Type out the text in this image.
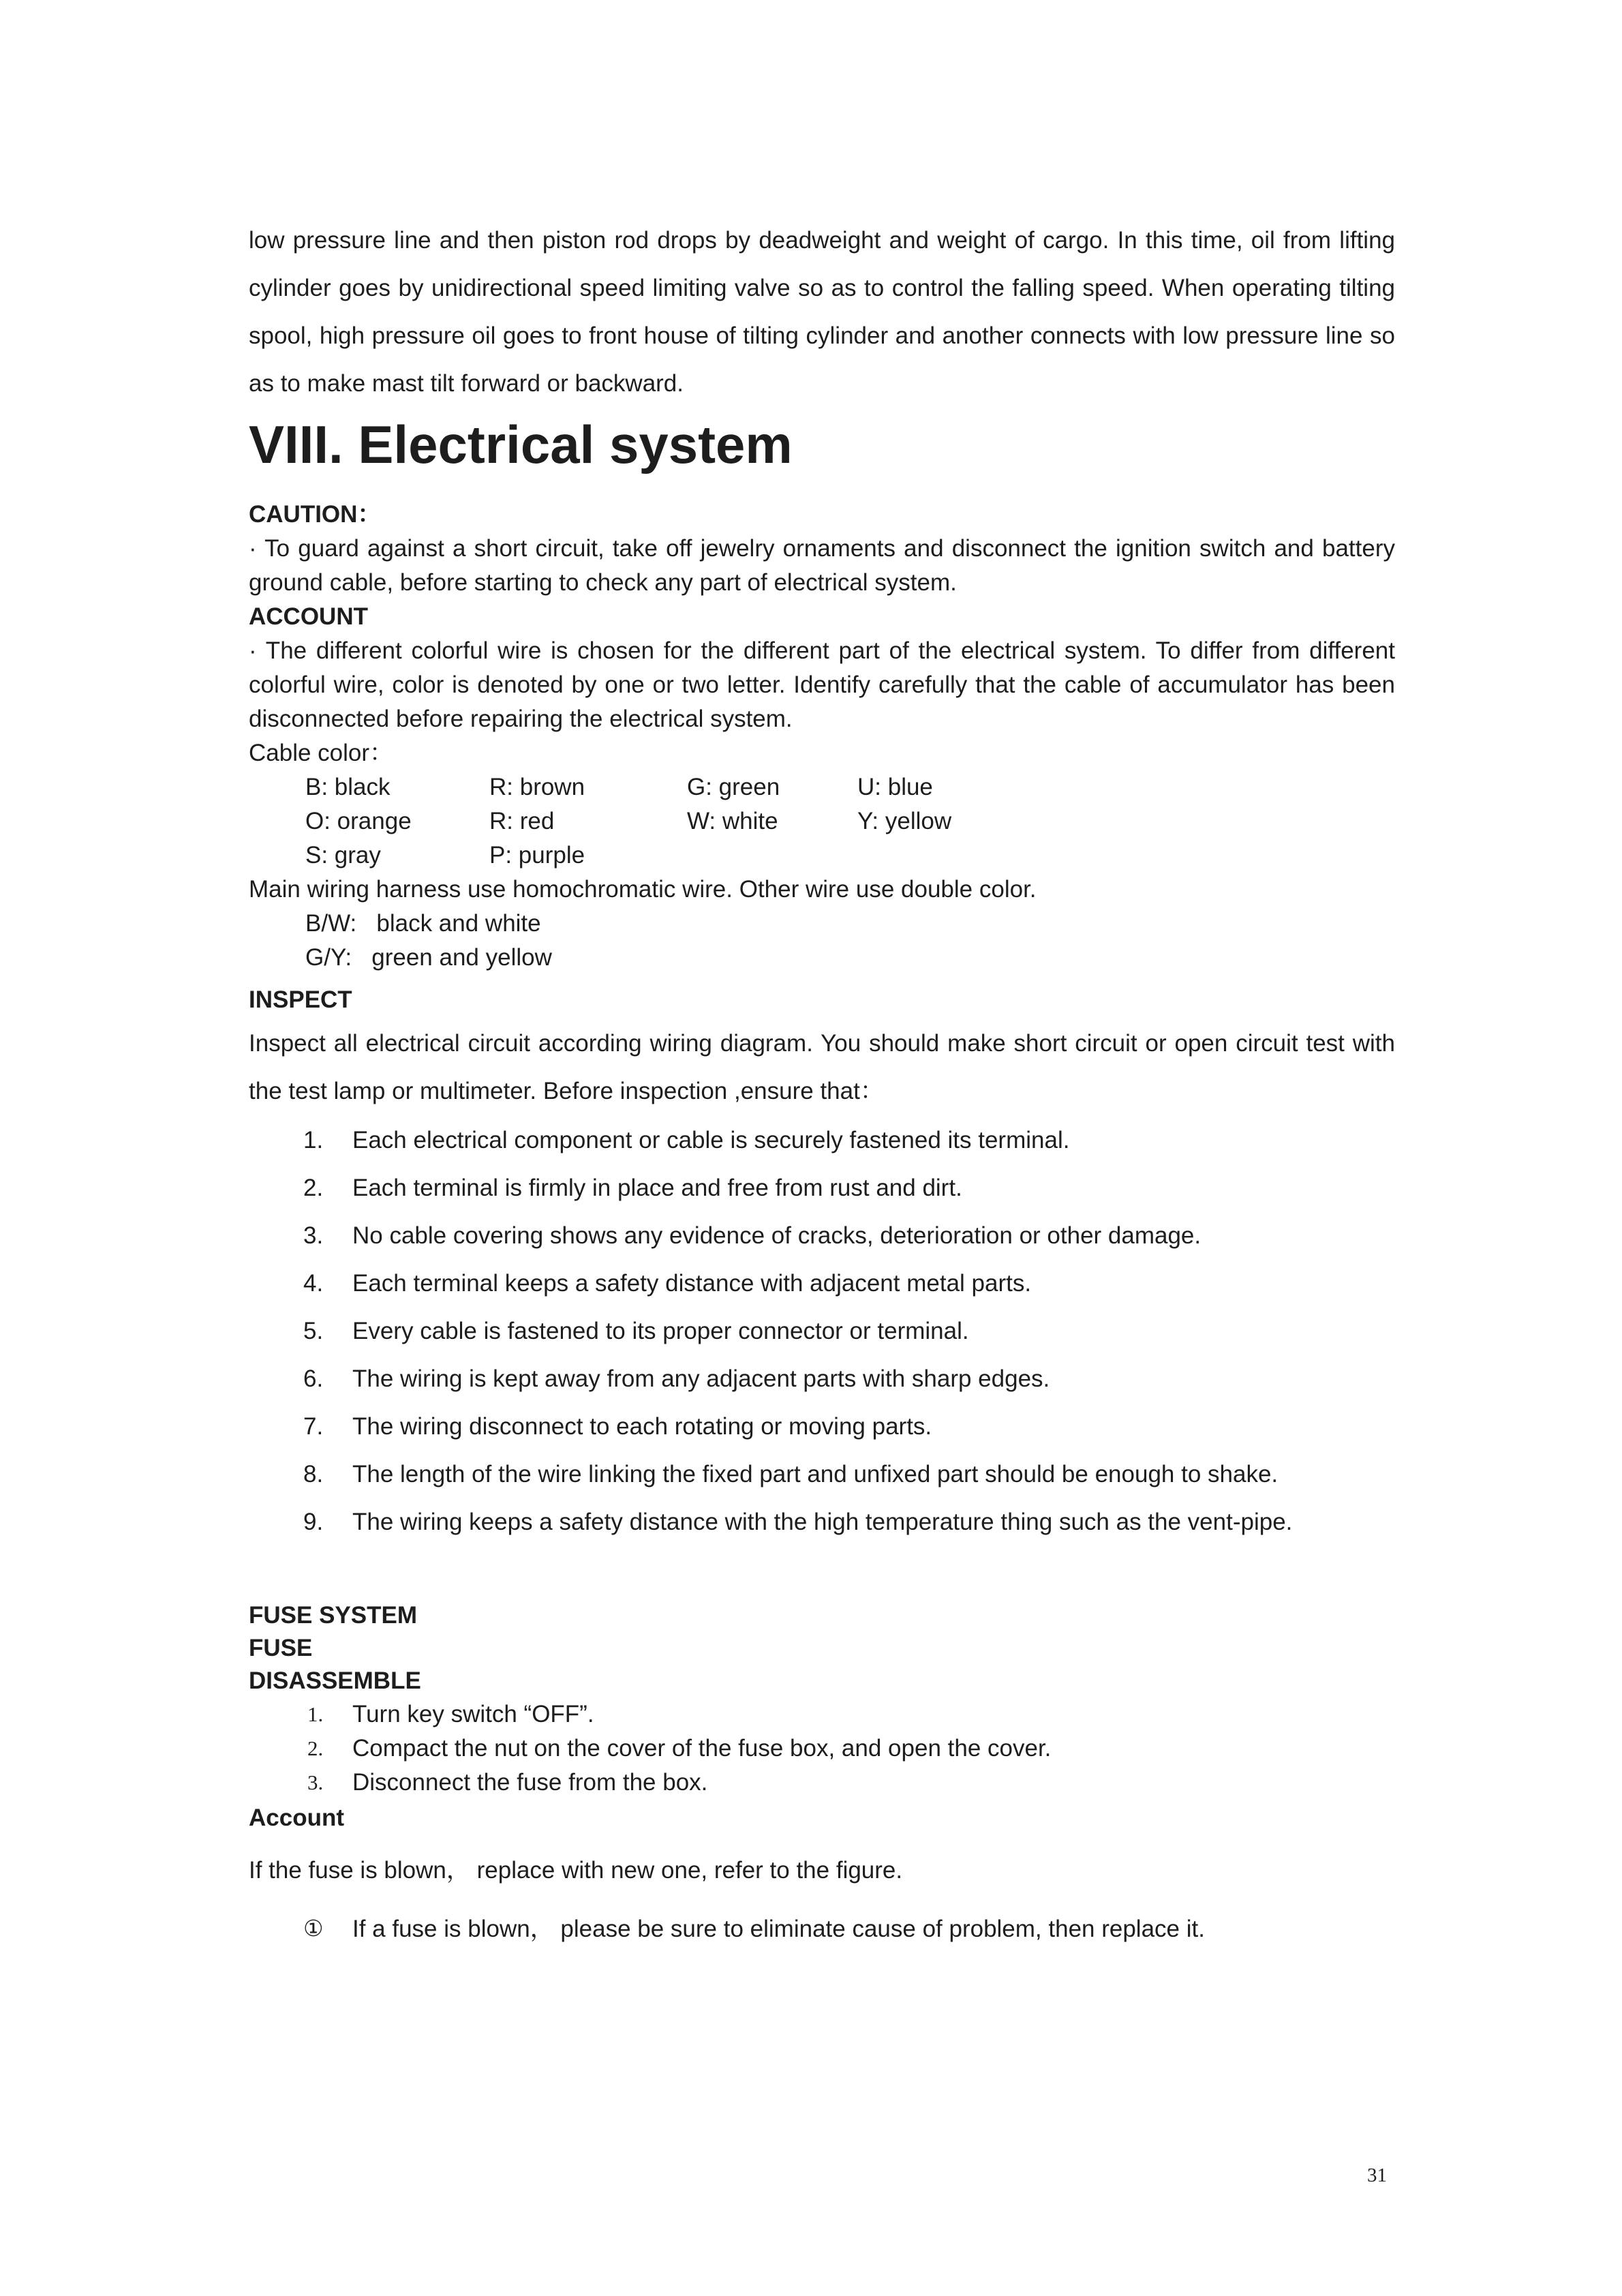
low pressure line and then piston rod drops by deadweight and weight of cargo. In this time, oil from lifting cylinder goes by unidirectional speed limiting valve so as to control the falling speed. When operating tilting spool, high pressure oil goes to front house of tilting cylinder and another connects with low pressure line so as to make mast tilt forward or backward.

VIII. Electrical system
CAUTION：

· To guard against a short circuit, take off jewelry ornaments and disconnect the ignition switch and battery ground cable, before starting to check any part of electrical system.

ACCOUNT

· The different colorful wire is chosen for the different part of the electrical system. To differ from different colorful wire, color is denoted by one or two letter. Identify carefully that the cable of accumulator has been disconnected before repairing the electrical system.

Cable color：
B: black	R: brown	G: green	U: blue
O: orange	R: red	W: white	Y: yellow
S: gray	P: purple
Main wiring harness use homochromatic wire. Other wire use double color.
B/W:   black and white
G/Y:   green and yellow
INSPECT

Inspect all electrical circuit according wiring diagram. You should make short circuit or open circuit test with the test lamp or multimeter. Before inspection ,ensure that：

1.	Each electrical component or cable is securely fastened its terminal.
2.	Each terminal is firmly in place and free from rust and dirt.
3.	No cable covering shows any evidence of cracks, deterioration or other damage.
4.	Each terminal keeps a safety distance with adjacent metal parts.
5.	Every cable is fastened to its proper connector or terminal.
6.	The wiring is kept away from any adjacent parts with sharp edges.
7.	The wiring disconnect to each rotating or moving parts.
8.	The length of the wire linking the fixed part and unfixed part should be enough to shake.
9.	The wiring keeps a safety distance with the high temperature thing such as the vent-pipe.
FUSE SYSTEM
FUSE
DISASSEMBLE
1.	Turn key switch “OFF”.
2.	Compact the nut on the cover of the fuse box, and open the cover.
3.	Disconnect the fuse from the box.
Account

If the fuse is blown， replace with new one, refer to the figure.

①	If a fuse is blown， please be sure to eliminate cause of problem, then replace it.
31
